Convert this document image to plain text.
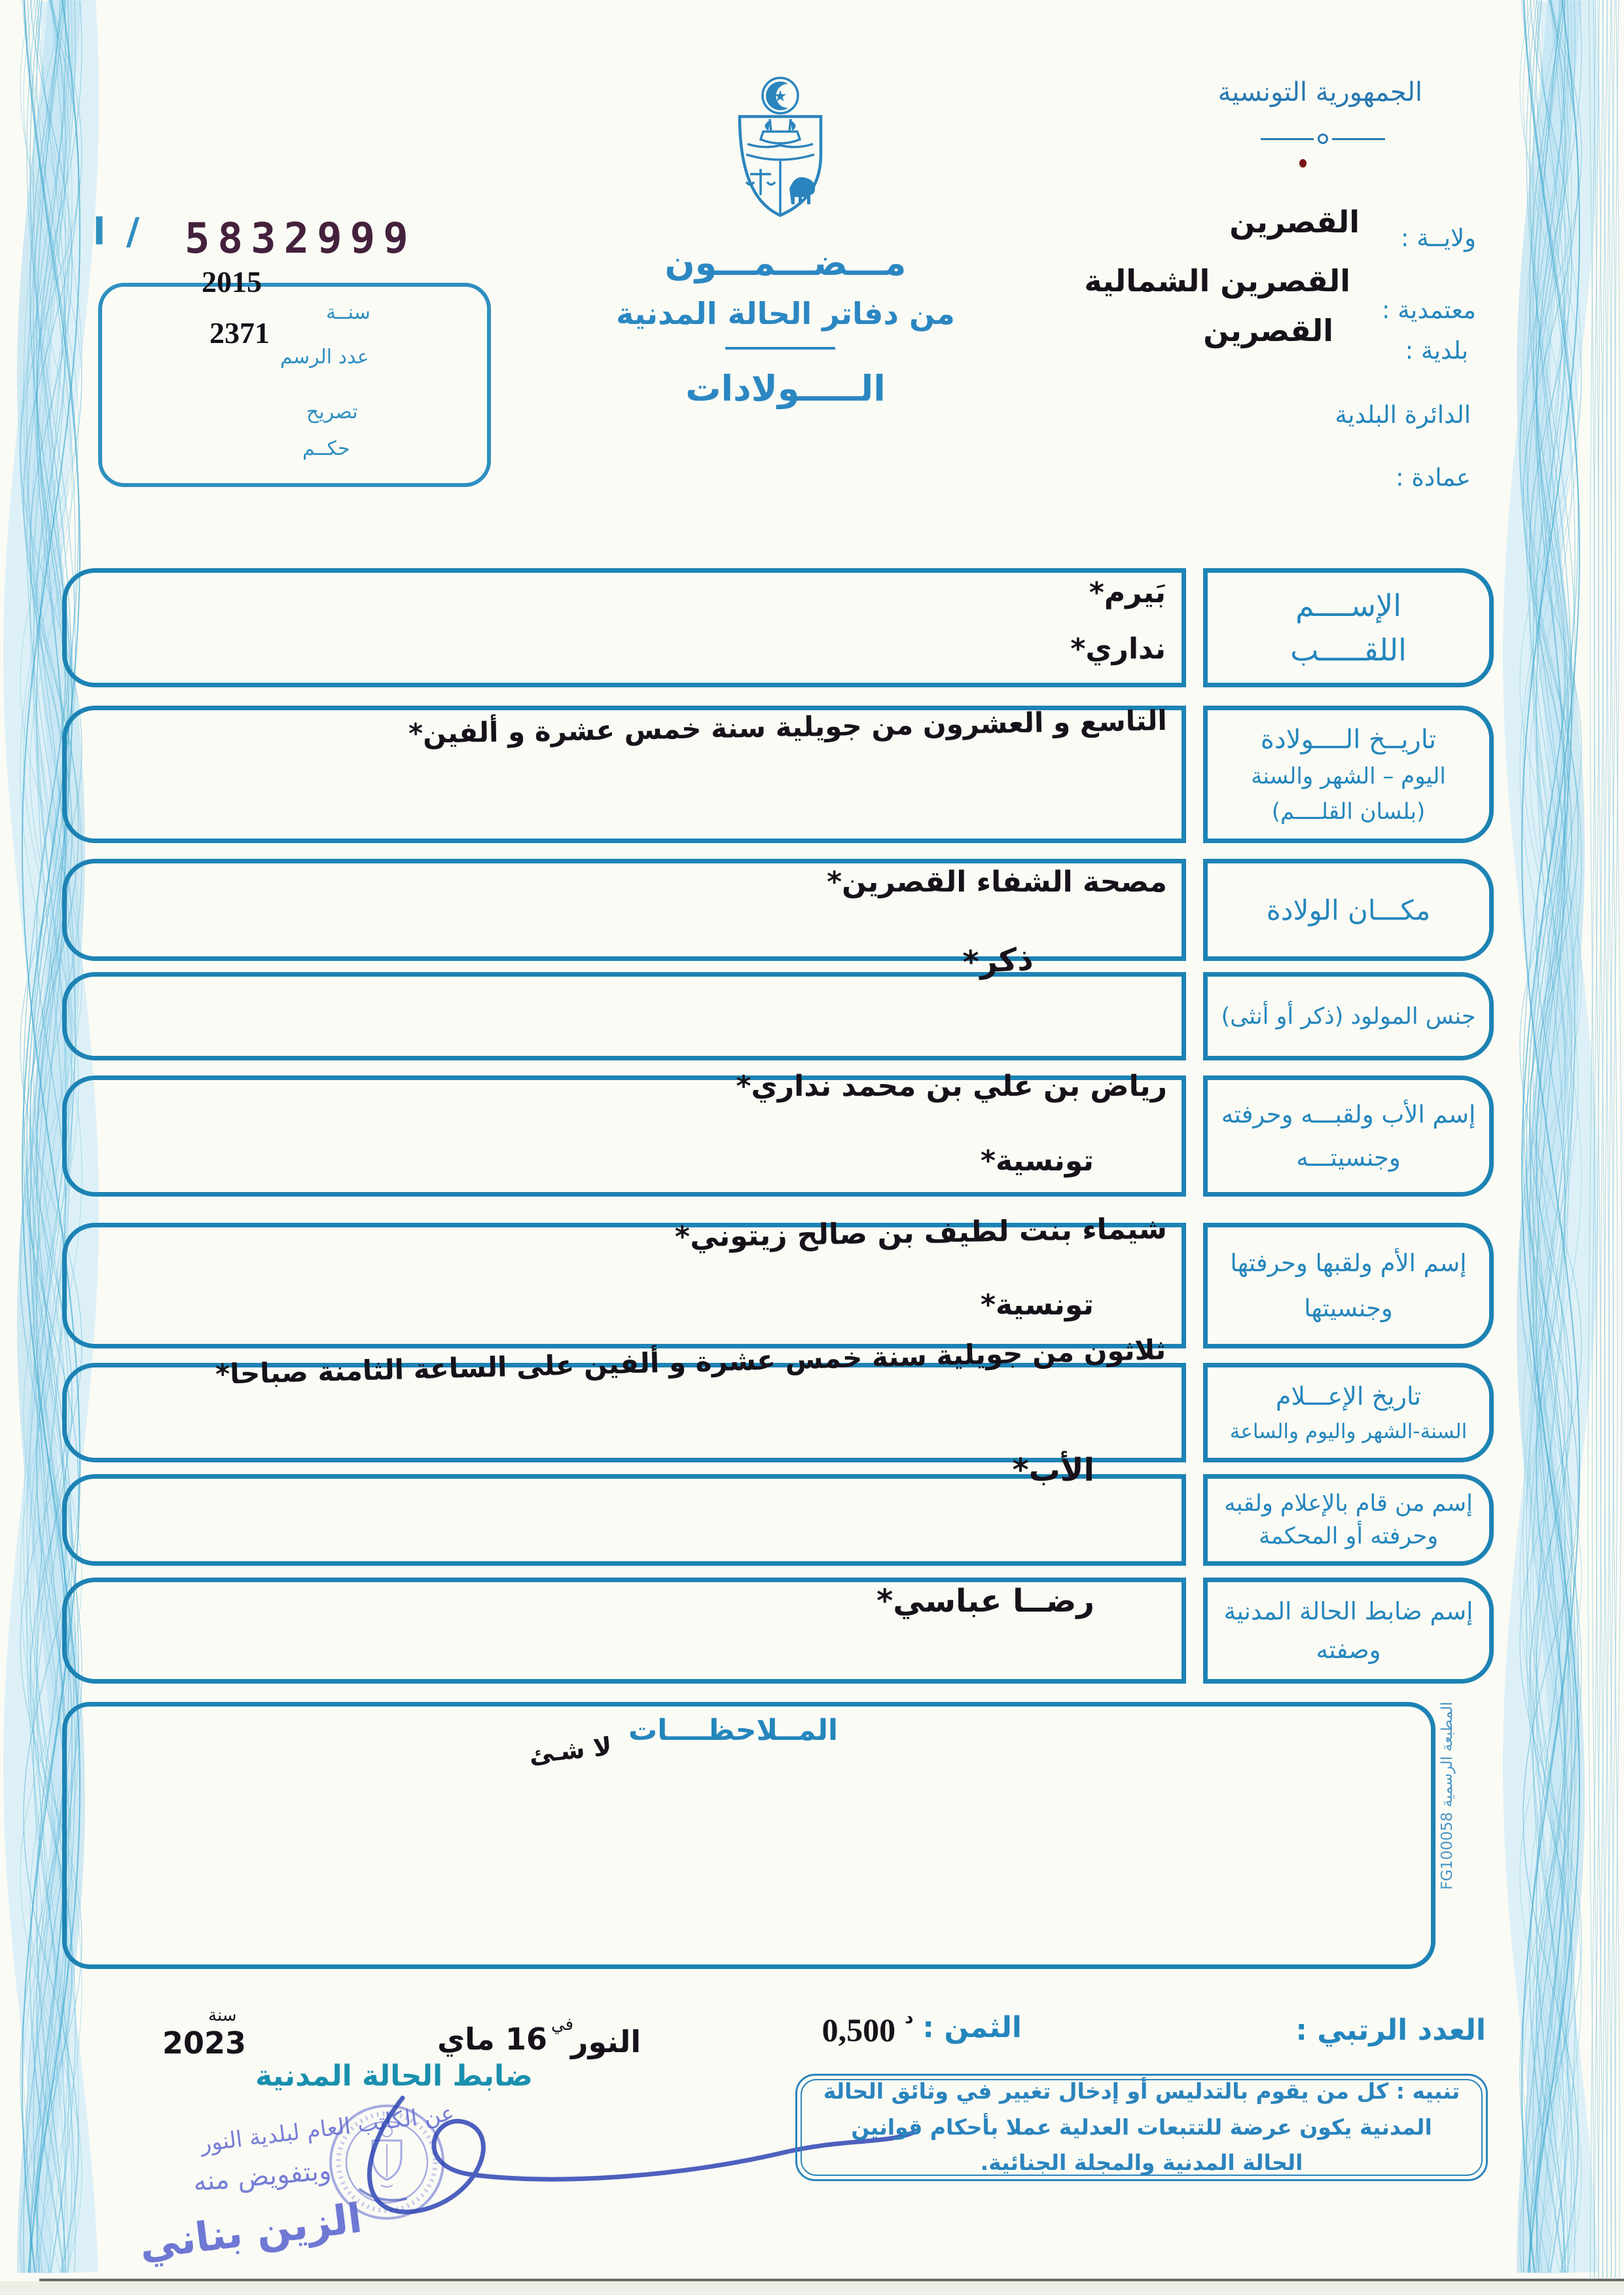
الجمهورية التونسية
ولايــة :
القصرين
معتمدية :
القصرين الشمالية
بلدية :
القصرين
الدائرة البلدية
عمادة :
l / 5832999
2015
2371
سنــة
عدد الرسم
تصريح
حكــم
مـــضـــمـــون
من دفاتر الحالة المدنية
الـــــولادات
الإســــم
اللقـــــب
تاريــخ الــــولادة
اليوم – الشهر والسنة
(بلسان القلــــم)
مكـــان الولادة
جنس المولود (ذكر أو أنثى)
إسم الأب ولقبـــه وحرفته
وجنسيتـــه
إسم الأم ولقبها وحرفتها
وجنسيتها
تاريخ الإعـــلام
السنة-الشهر واليوم والساعة
إسم من قام بالإعلام ولقبه
وحرفته أو المحكمة
إسم ضابط الحالة المدنية
وصفته
بَيرم*
نداري*
التاسع و العشرون من جويلية سنة خمس عشرة و ألفين*
مصحة الشفاء القصرين*
ذكر*
رياض بن علي بن محمد نداري*
تونسية*
شيماء بنت لطيف بن صالح زيتوني*
تونسية*
ثلاثون من جويلية سنة خمس عشرة و ألفين على الساعة الثامنة صباحا*
الأب*
رضــا عباسي*
المــلاحظــــات
لا شـئ
المطبعة الرسمية FG100058
العدد الرتبي :
الثمن :
د
0,500
النور
في
16 ماي
سنة
2023
ضابط الحالة المدنية
عن الكاتب العام لبلدية النور
وبتفويض منه
الزين بناني
تنبيه : كل من يقوم بالتدليس أو إدخال تغيير في وثائق الحالة المدنية يكون عرضة للتتبعات العدلية عملا بأحكام قوانين الحالة المدنية والمجلة الجنائية.
